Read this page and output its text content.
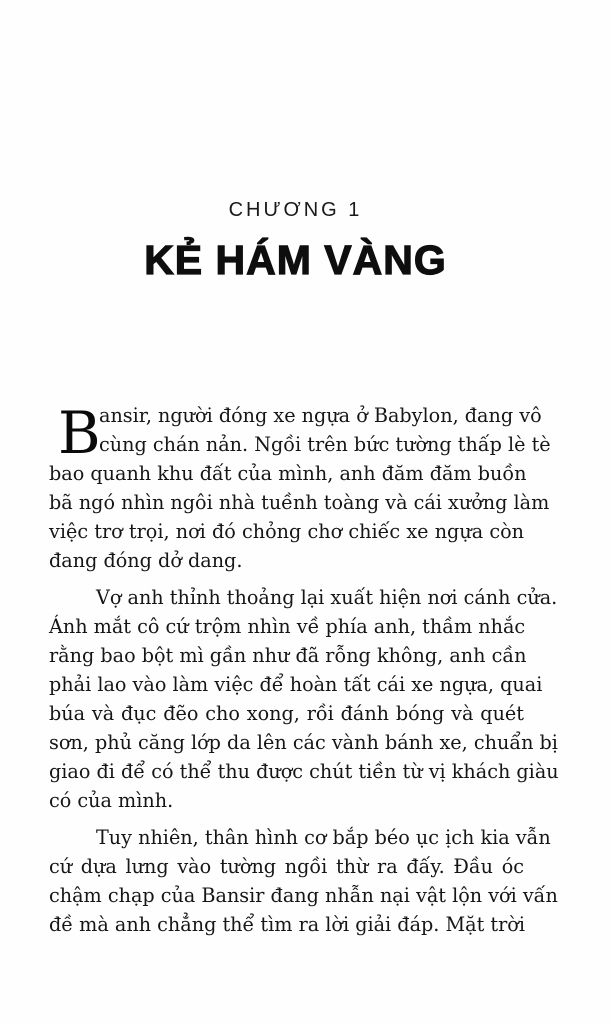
CHƯƠNG 1
KẺ HÁM VÀNG
B
ansir, người đóng xe ngựa ở Babylon, đang vô
cùng chán nản. Ngồi trên bức tường thấp lè tè
bao quanh khu đất của mình, anh đăm đăm buồn
bã ngó nhìn ngôi nhà tuềnh toàng và cái xưởng làm
việc trơ trọi, nơi đó chỏng chơ chiếc xe ngựa còn
đang đóng dở dang.
Vợ anh thỉnh thoảng lại xuất hiện nơi cánh cửa.
Ánh mắt cô cứ trộm nhìn về phía anh, thầm nhắc
rằng bao bột mì gần như đã rỗng không, anh cần
phải lao vào làm việc để hoàn tất cái xe ngựa, quai
búa và đục đẽo cho xong, rồi đánh bóng và quét
sơn, phủ căng lớp da lên các vành bánh xe, chuẩn bị
giao đi để có thể thu được chút tiền từ vị khách giàu
có của mình.
Tuy nhiên, thân hình cơ bắp béo ục ịch kia vẫn
cứ dựa lưng vào tường ngồi thừ ra đấy. Đầu óc
chậm chạp của Bansir đang nhẫn nại vật lộn với vấn
đề mà anh chẳng thể tìm ra lời giải đáp. Mặt trời
